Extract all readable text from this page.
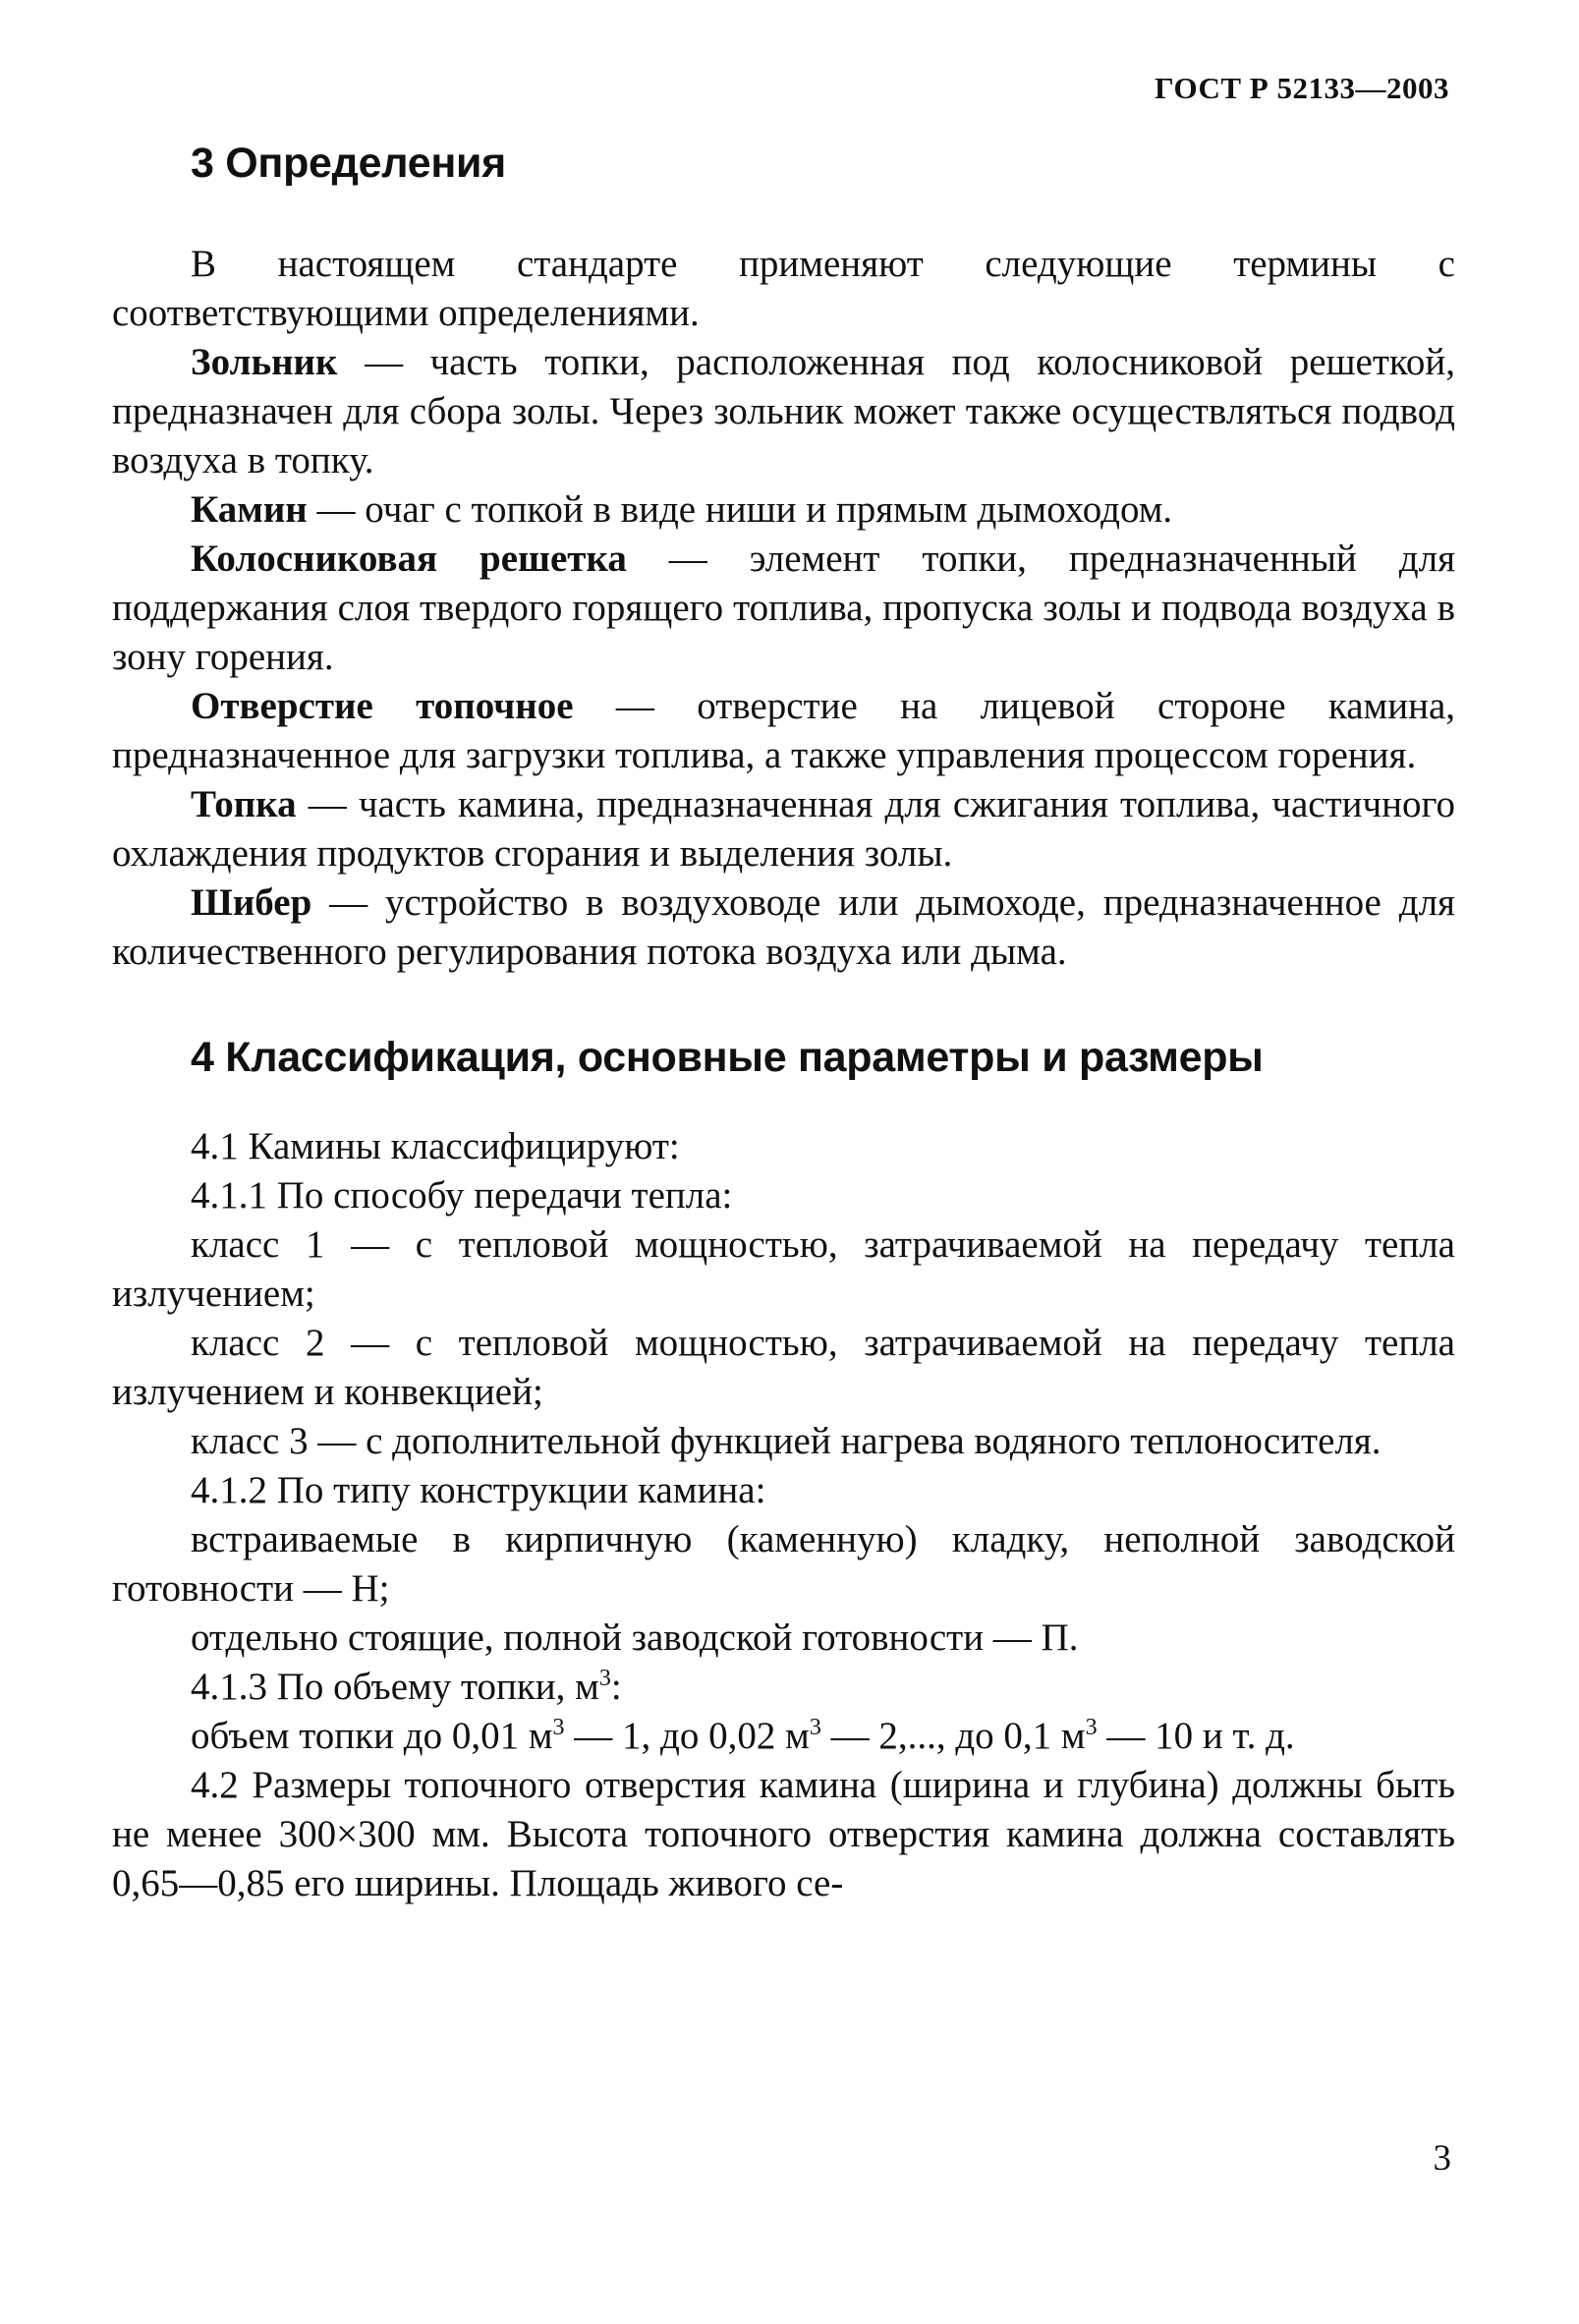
ГОСТ Р 52133—2003
3 Определения

В настоящем стандарте применяют следующие термины с соответствующими определениями.

Зольник — часть топки, расположенная под колосниковой решеткой, предназначен для сбора золы. Через зольник может также осуществляться подвод воздуха в топку.

Камин — очаг с топкой в виде ниши и прямым дымоходом.

Колосниковая решетка — элемент топки, предназначенный для поддержания слоя твердого горящего топлива, пропуска золы и подвода воздуха в зону горения.

Отверстие топочное — отверстие на лицевой стороне камина, предназначенное для загрузки топлива, а также управления процессом горения.

Топка — часть камина, предназначенная для сжигания топлива, частичного охлаждения продуктов сгорания и выделения золы.

Шибер — устройство в воздуховоде или дымоходе, предназначенное для количественного регулирования потока воздуха или дыма.

4 Классификация, основные параметры и размеры

4.1 Камины классифицируют:

4.1.1 По способу передачи тепла:

класс 1 — с тепловой мощностью, затрачиваемой на передачу тепла излучением;

класс 2 — с тепловой мощностью, затрачиваемой на передачу тепла излучением и конвекцией;

класс 3 — с дополнительной функцией нагрева водяного теплоносителя.

4.1.2 По типу конструкции камина:

встраиваемые в кирпичную (каменную) кладку, неполной заводской готовности — Н;

отдельно стоящие, полной заводской готовности — П.

4.1.3 По объему топки, $м^3$:

объем топки до 0,01 $м^3$ — 1, до 0,02 $м^3$ — 2,..., до 0,1 $м^3$ — 10 и т. д.

4.2 Размеры топочного отверстия камина (ширина и глубина) должны быть не менее 300×300 мм. Высота топочного отверстия камина должна составлять 0,65—0,85 его ширины. Площадь живого се-

3
